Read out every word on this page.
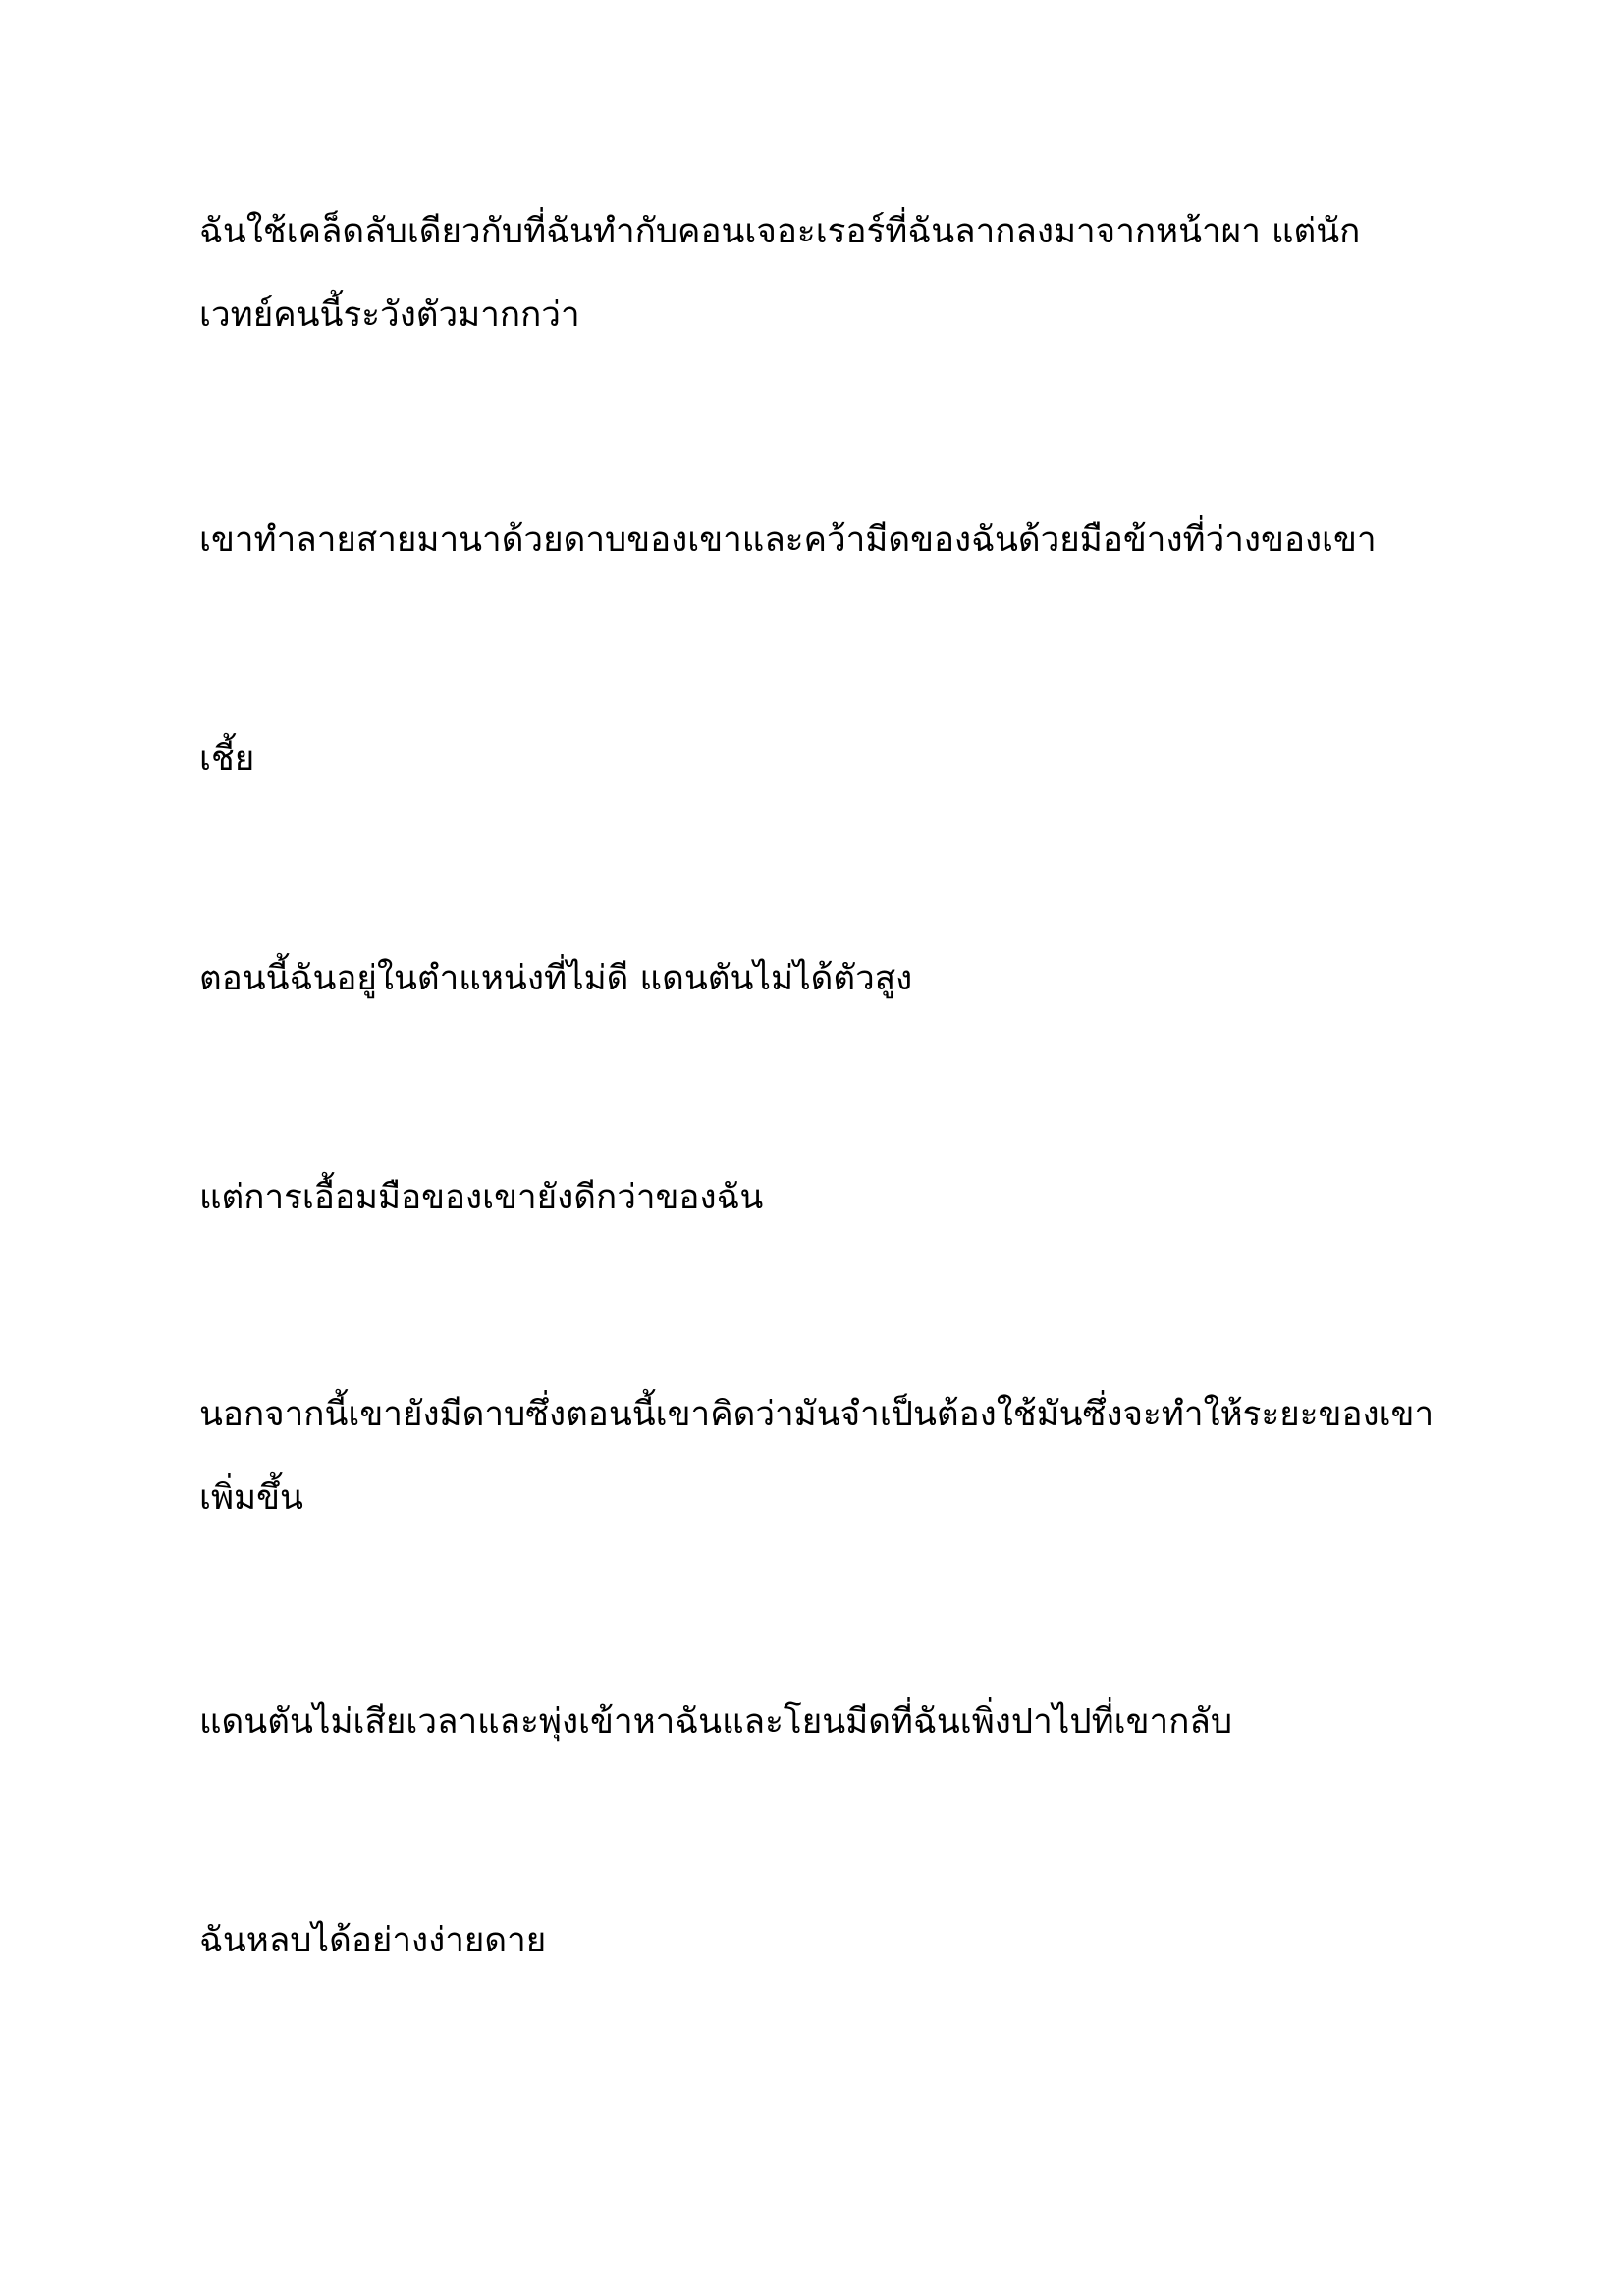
ฉันใช้เคล็ดลับเดียวกับที่ฉันทำกับคอนเจอะเรอร์ที่ฉันลากลงมาจากหน้าผา แต่นัก
เวทย์คนนี้ระวังตัวมากกว่า

เขาทำลายสายมานาด้วยดาบของเขาและคว้ามีดของฉันด้วยมือข้างที่ว่างของเขา

เชี้ย

ตอนนี้ฉันอยู่ในตำแหน่งที่ไม่ดี แดนตันไม่ได้ตัวสูง

แต่การเอื้อมมือของเขายังดีกว่าของฉัน

นอกจากนี้เขายังมีดาบซึ่งตอนนี้เขาคิดว่ามันจำเป็นต้องใช้มันซึ่งจะทำให้ระยะของเขา
เพิ่มขึ้น

แดนตันไม่เสียเวลาและพุ่งเข้าหาฉันและโยนมีดที่ฉันเพิ่งปาไปที่เขากลับ

ฉันหลบได้อย่างง่ายดาย
